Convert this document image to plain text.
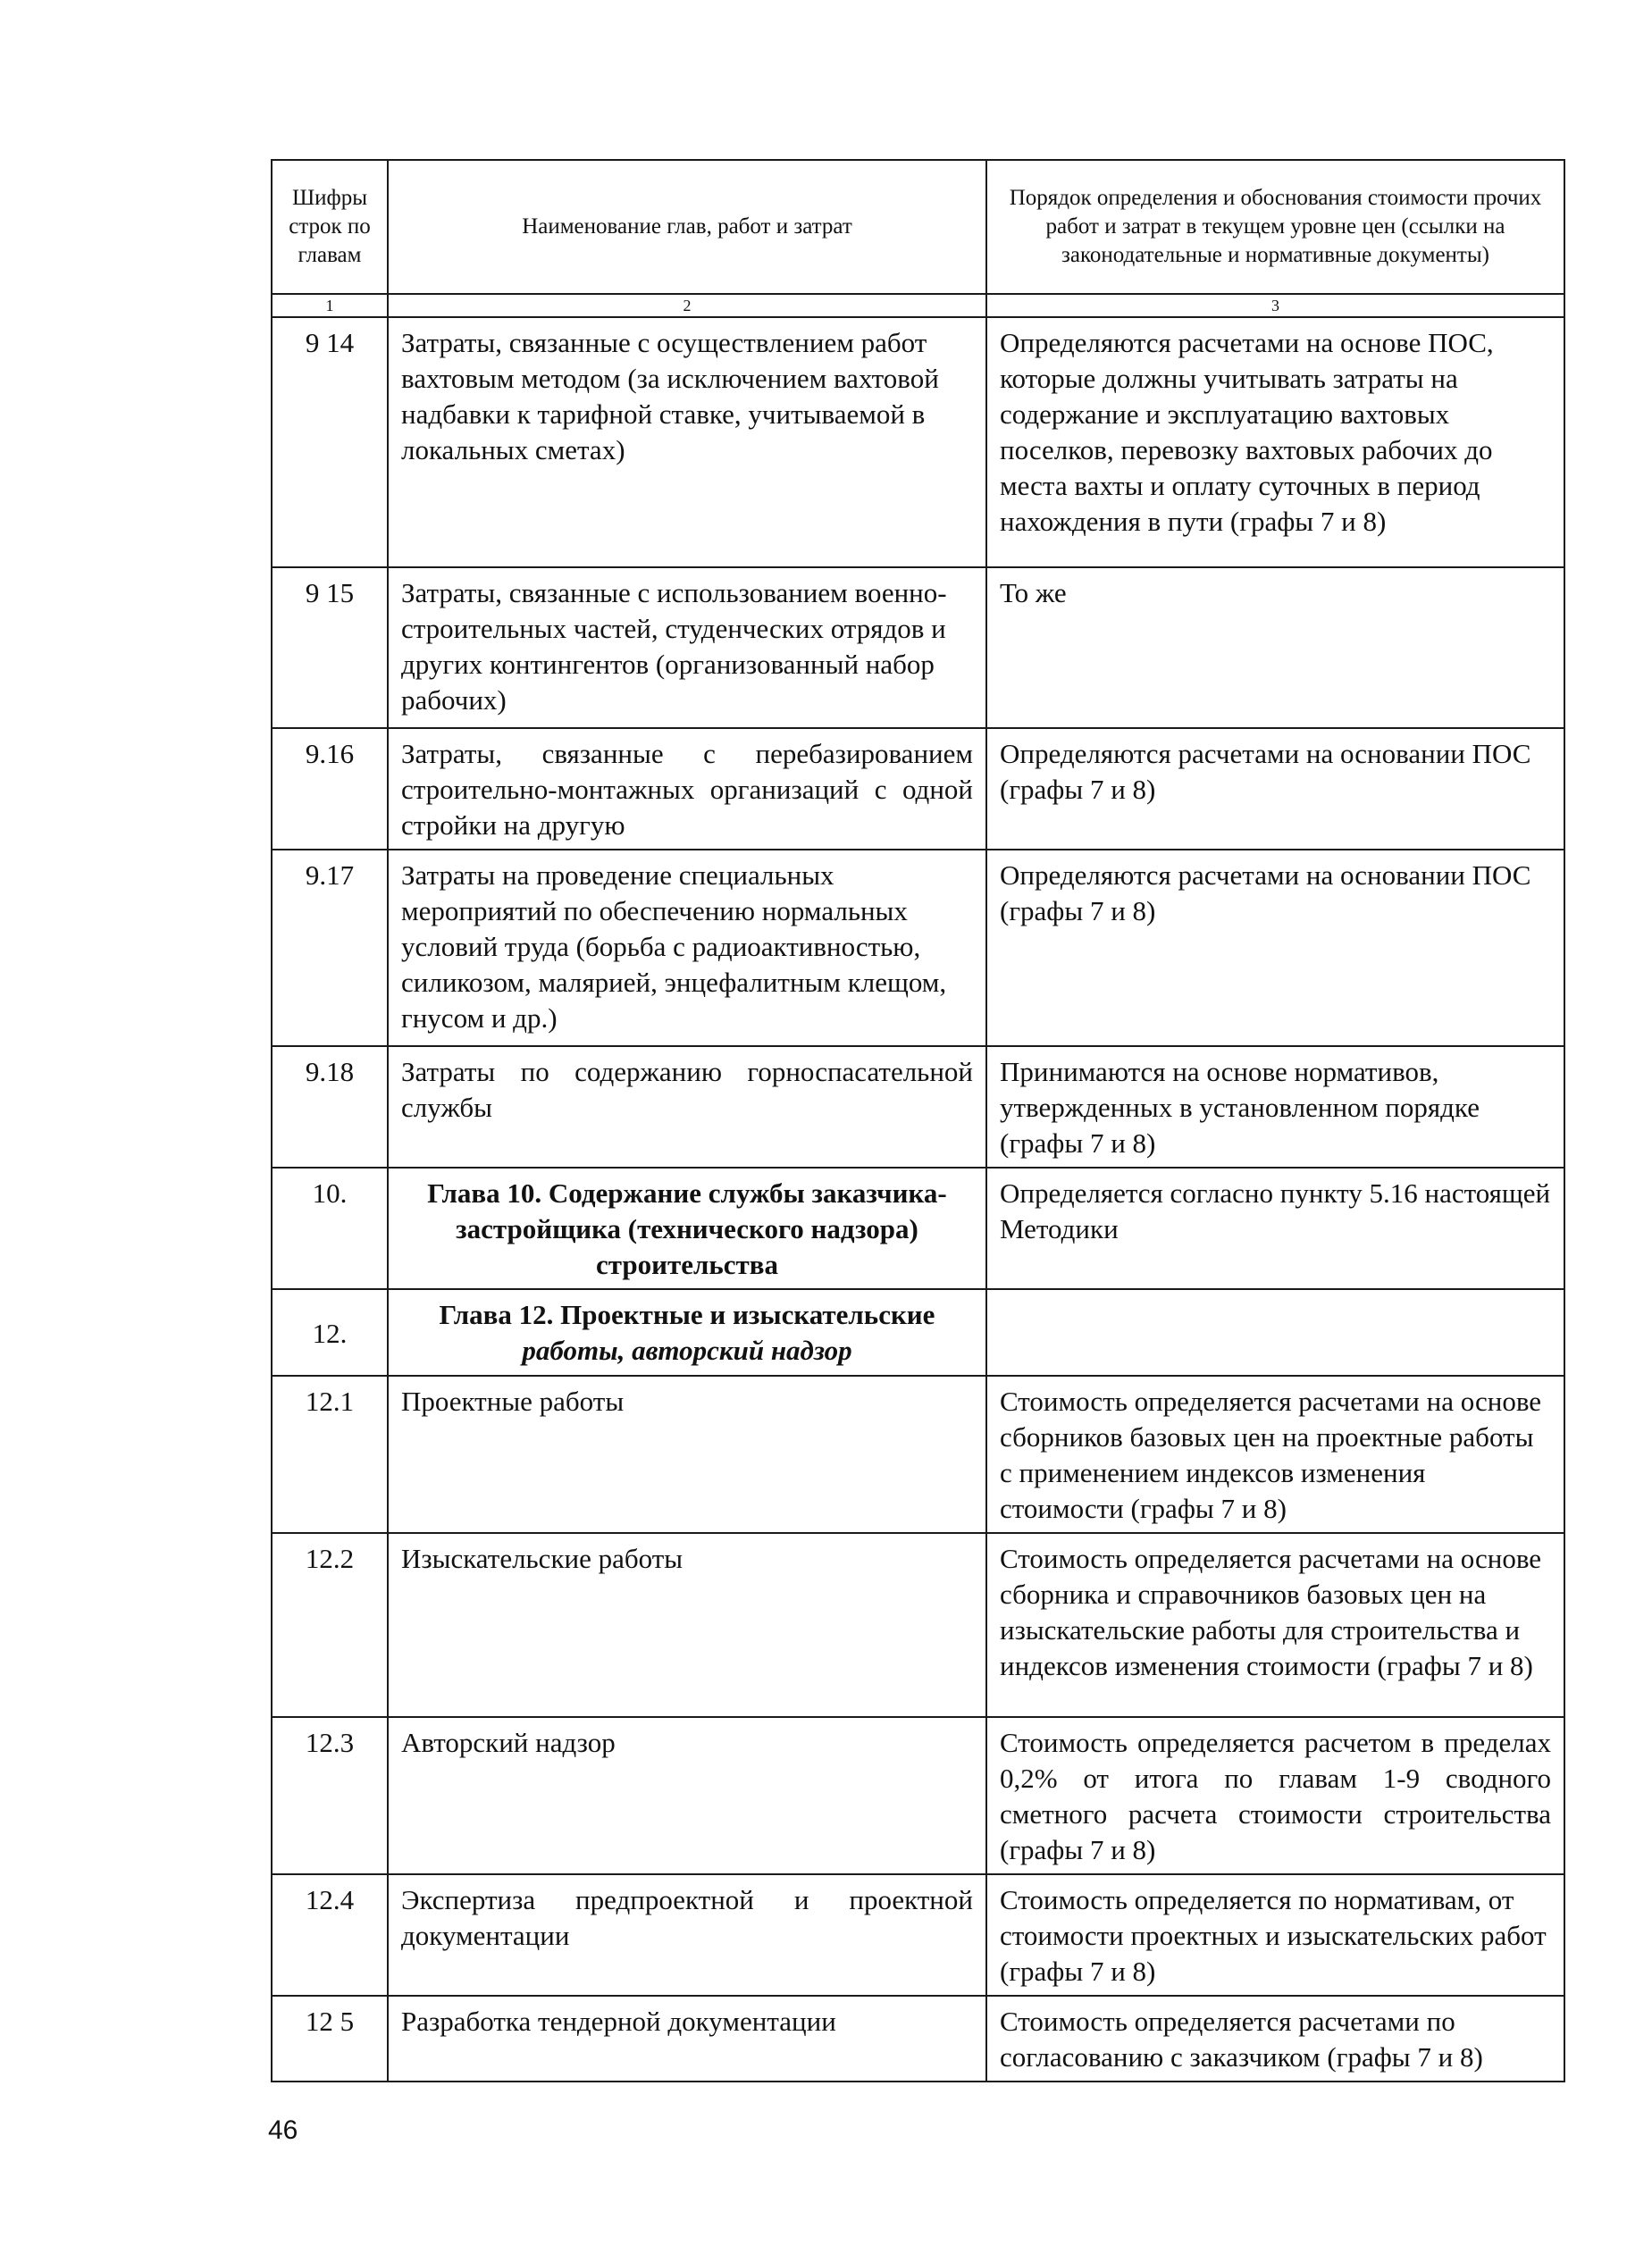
Шифры строк по главам	Наименование глав, работ и затрат	Порядок определения и обоснования стоимости прочих работ и затрат в текущем уровне цен (ссылки на законодательные и нормативные документы)
1	2	3
9 14	Затраты, связанные с осуществлением работ вахтовым методом (за исключением вахтовой надбавки к тарифной ставке, учитываемой в локальных сметах)	Определяются расчетами на основе ПОС, которые должны учитывать затраты на содержание и эксплуатацию вахтовых поселков, перевозку вахтовых рабочих до места вахты и оплату суточных в период нахождения в пути (графы 7 и 8)
9 15	Затраты, связанные с использованием военно-строительных частей, студенческих отрядов и других контингентов (организованный набор рабочих)	То же
9.16	Затраты, связанные с перебазированием строительно-монтажных организаций с одной стройки на другую	Определяются расчетами на основании ПОС (графы 7 и 8)
9.17	Затраты на проведение специальных мероприятий по обеспечению нормальных условий труда (борьба с радиоактивностью, силикозом, малярией, энцефалитным клещом, гнусом и др.)	Определяются расчетами на основании ПОС (графы 7 и 8)
9.18	Затраты по содержанию горноспасательной службы	Принимаются на основе нормативов, утвержденных в установленном порядке (графы 7 и 8)
10.	Глава 10. Содержание службы заказчика-застройщика (технического надзора) строительства	Определяется согласно пункту 5.16 настоящей Методики
12.	Глава 12. Проектные и изыскательские
работы, авторский надзор	
12.1	Проектные работы	Стоимость определяется расчетами на основе сборников базовых цен на проектные работы с применением индексов изменения стоимости (графы 7 и 8)
12.2	Изыскательские работы	Стоимость определяется расчетами на основе сборника и справочников базовых цен на изыскательские работы для строительства и индексов изменения стоимости (графы 7 и 8)
12.3	Авторский надзор	Стоимость определяется расчетом в пределах 0,2% от итога по главам 1-9 сводного сметного расчета стоимости строительства (графы 7 и 8)
12.4	Экспертиза предпроектной и проектной документации	Стоимость определяется по нормативам, от стоимости проектных и изыскательских работ (графы 7 и 8)
12 5	Разработка тендерной документации	Стоимость определяется расчетами по согласованию с заказчиком (графы 7 и 8)
46
